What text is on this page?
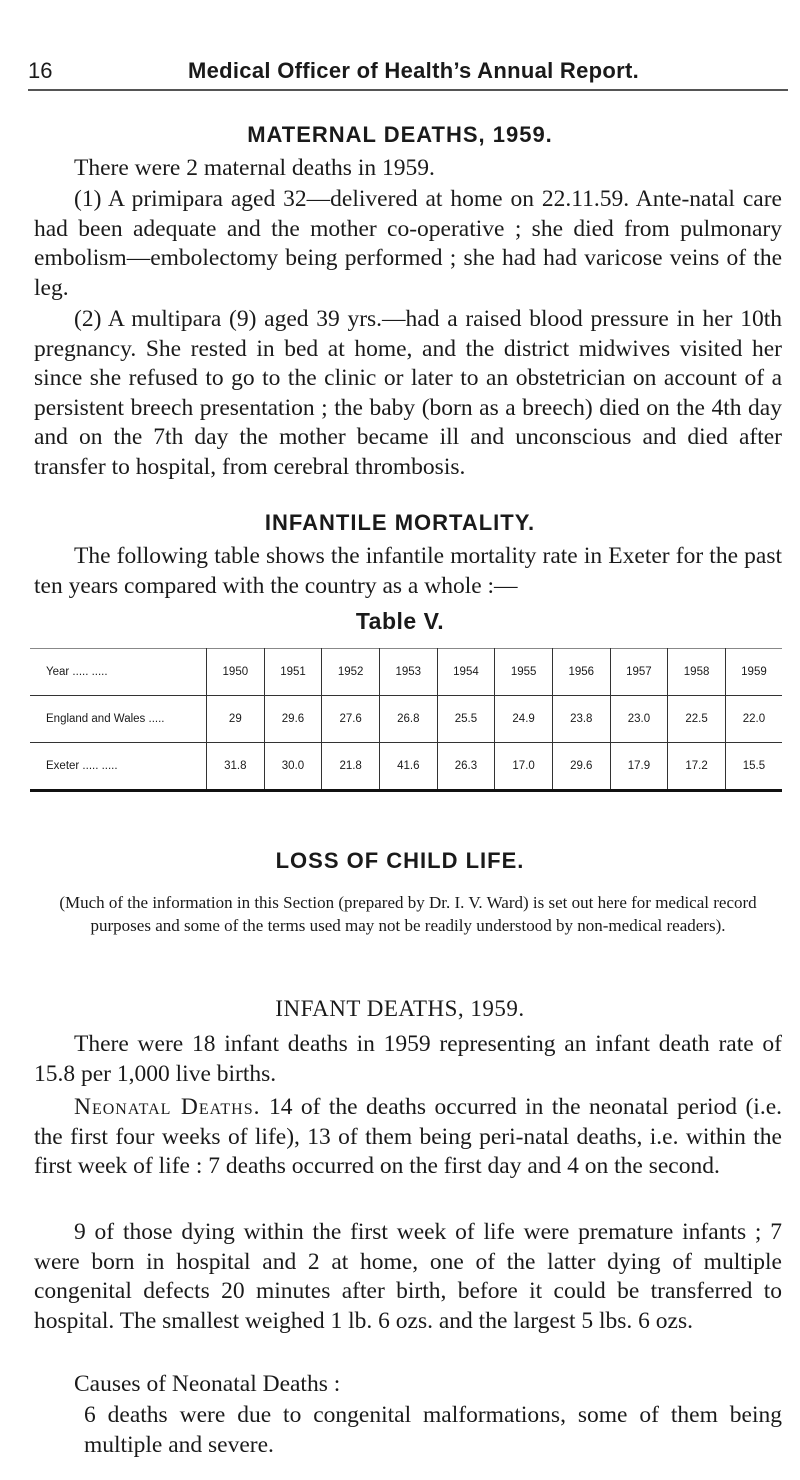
16	Medical Officer of Health’s Annual Report.
MATERNAL DEATHS, 1959.

There were 2 maternal deaths in 1959.

(1) A primipara aged 32—delivered at home on 22.11.59. Ante-natal care had been adequate and the mother co-operative ; she died from pulmonary embolism—embolectomy being performed ; she had had varicose veins of the leg.

(2) A multipara (9) aged 39 yrs.—had a raised blood pressure in her 10th pregnancy. She rested in bed at home, and the district midwives visited her since she refused to go to the clinic or later to an obstetrician on account of a persistent breech presentation ; the baby (born as a breech) died on the 4th day and on the 7th day the mother became ill and unconscious and died after transfer to hospital, from cerebral thrombosis.

INFANTILE MORTALITY.

The following table shows the infantile mortality rate in Exeter for the past ten years compared with the country as a whole :—

Table V.
Year ..... .....	1950	1951	1952	1953	1954	1955	1956	1957	1958	1959
England and Wales .....	29	29.6	27.6	26.8	25.5	24.9	23.8	23.0	22.5	22.0
Exeter ..... .....	31.8	30.0	21.8	41.6	26.3	17.0	29.6	17.9	17.2	15.5
LOSS OF CHILD LIFE.

(Much of the information in this Section (prepared by Dr. I. V. Ward) is set out here for medical record purposes and some of the terms used may not be readily understood by non-medical readers).

INFANT DEATHS, 1959.

There were 18 infant deaths in 1959 representing an infant death rate of 15.8 per 1,000 live births.

Neonatal Deaths. 14 of the deaths occurred in the neonatal period (i.e. the first four weeks of life), 13 of them being peri-natal deaths, i.e. within the first week of life : 7 deaths occurred on the first day and 4 on the second.

9 of those dying within the first week of life were premature infants ; 7 were born in hospital and 2 at home, one of the latter dying of multiple congenital defects 20 minutes after birth, before it could be transferred to hospital. The smallest weighed 1 lb. 6 ozs. and the largest 5 lbs. 6 ozs.

Causes of Neonatal Deaths :

6 deaths were due to congenital malformations, some of them being multiple and severe.
